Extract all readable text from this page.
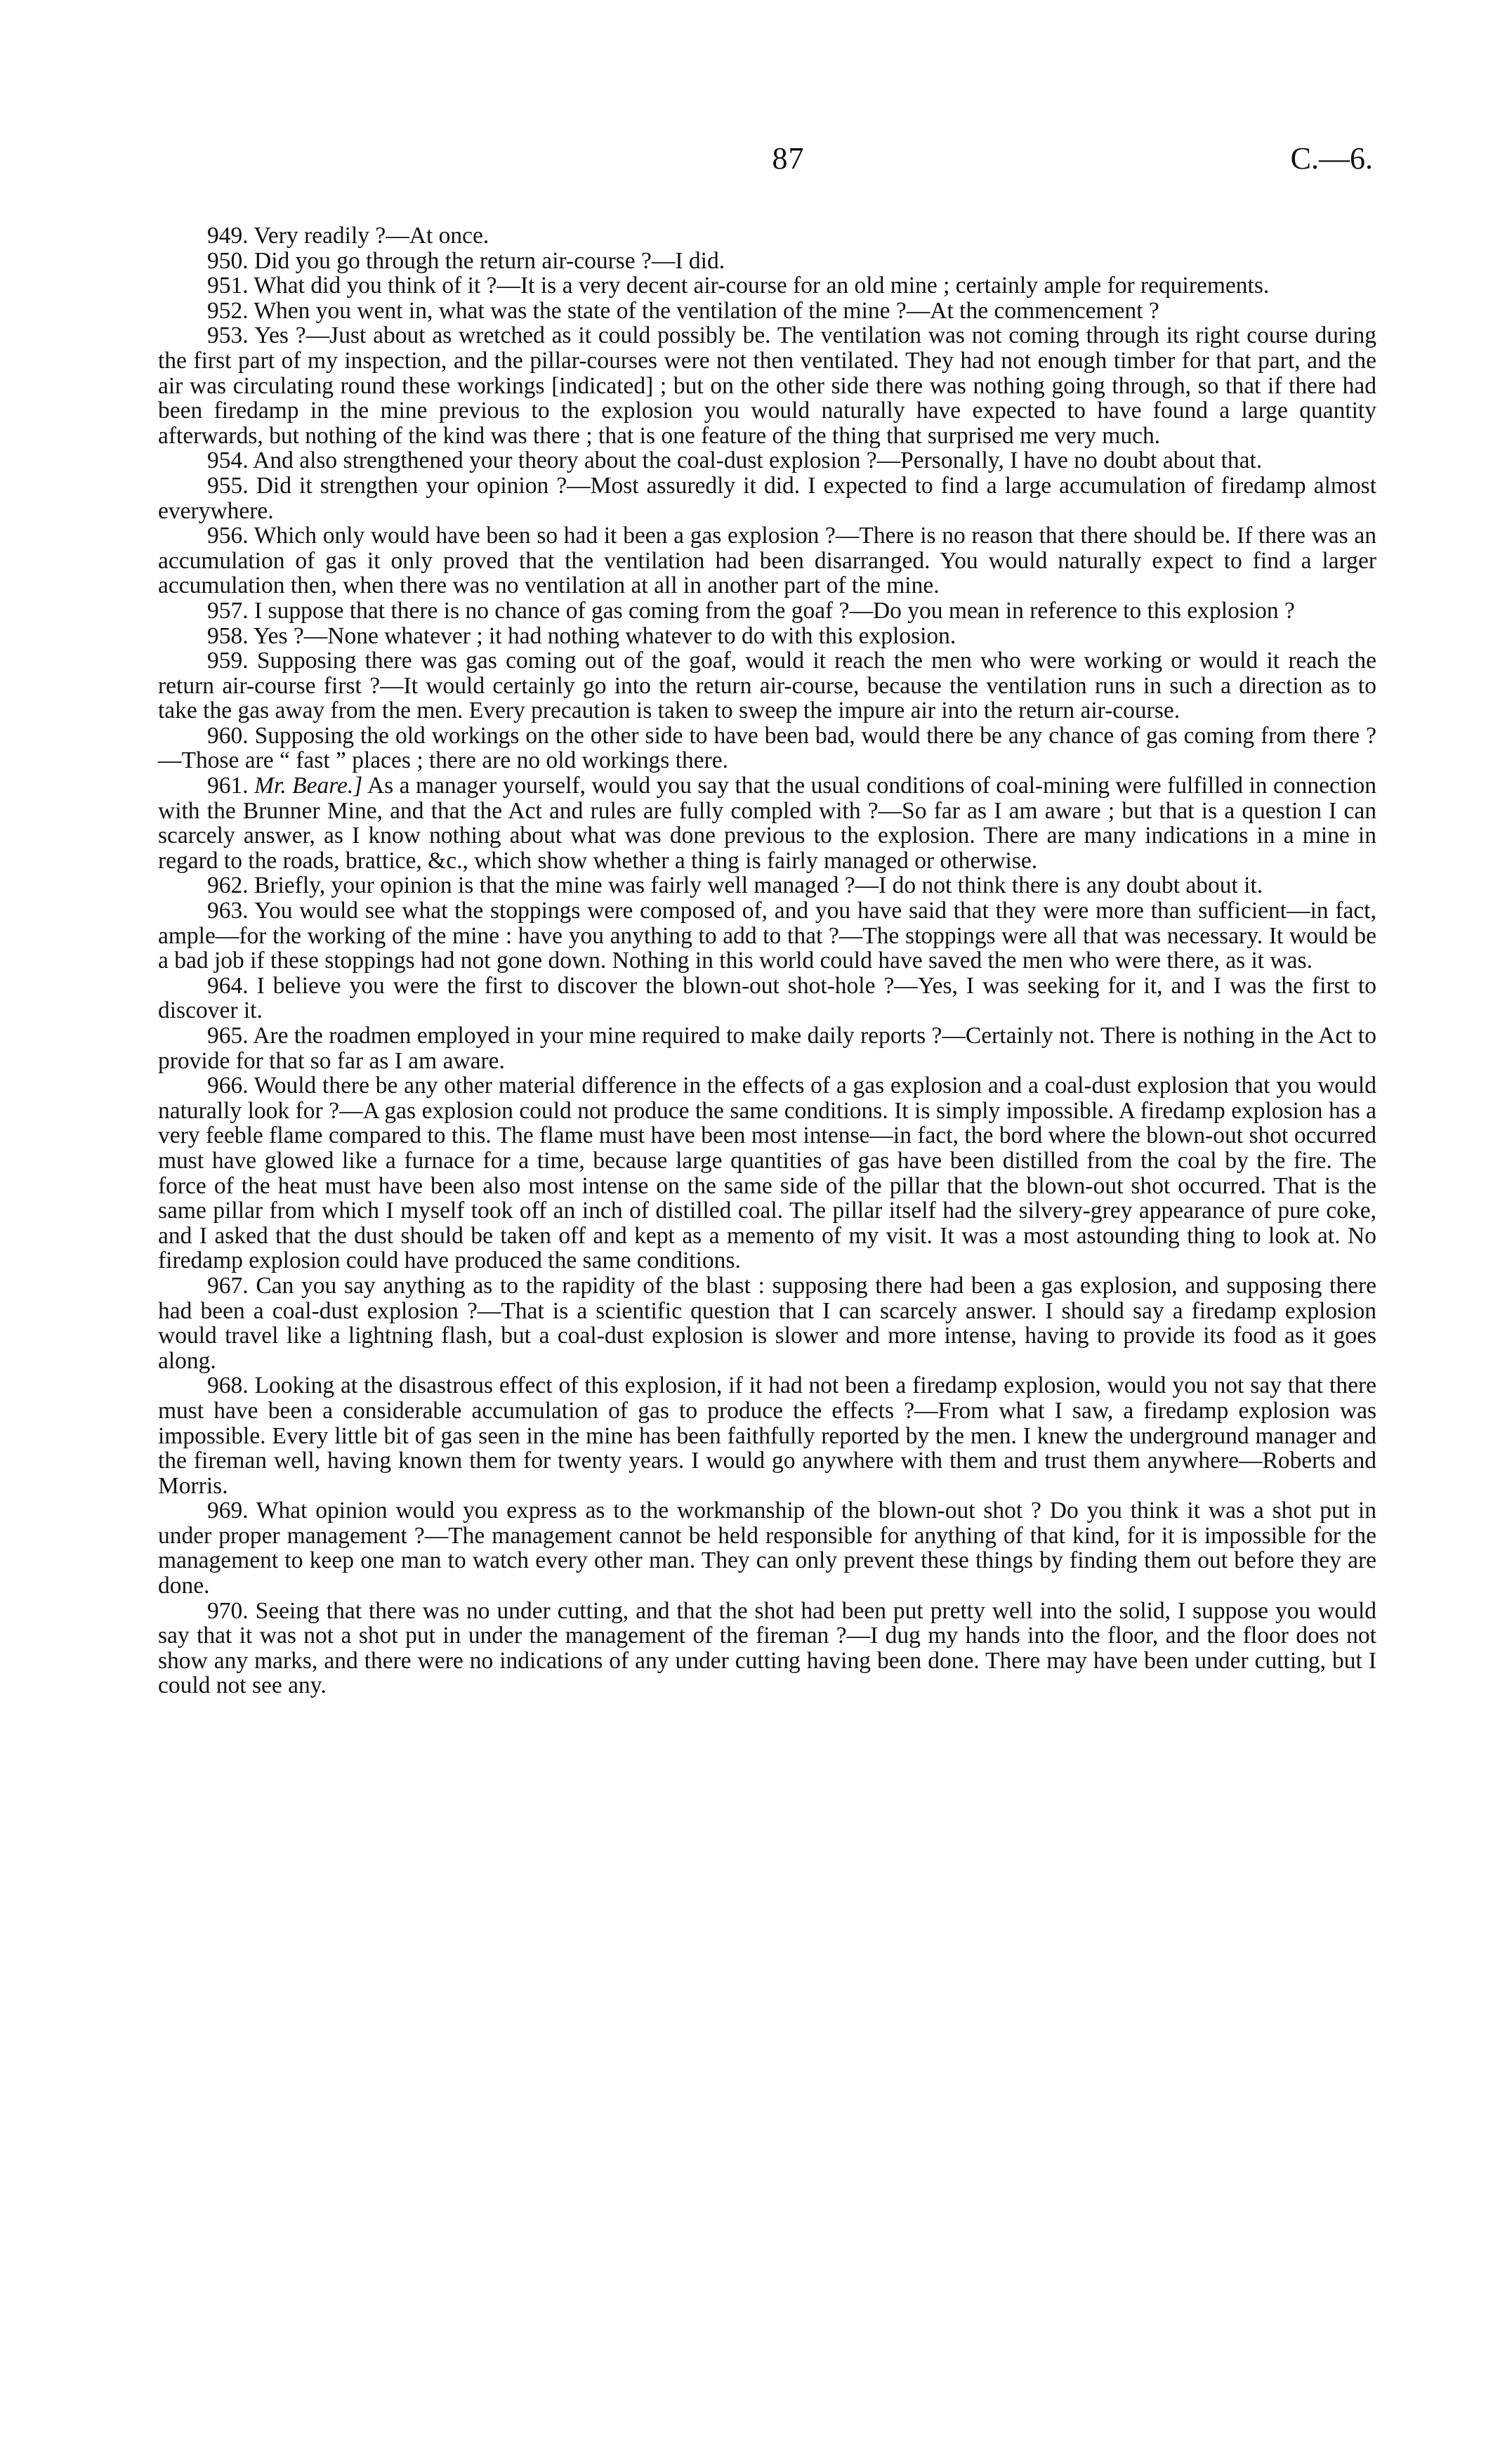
87	C.—6.

949. Very readily ?—At once.

950. Did you go through the return air-course ?—I did.

951. What did you think of it ?—It is a very decent air-course for an old mine ; certainly ample for requirements.

952. When you went in, what was the state of the ventilation of the mine ?—At the commencement ?

953. Yes ?—Just about as wretched as it could possibly be. The ventilation was not coming through its right course during the first part of my inspection, and the pillar-courses were not then ventilated. They had not enough timber for that part, and the air was circulating round these workings [indicated] ; but on the other side there was nothing going through, so that if there had been firedamp in the mine previous to the explosion you would naturally have expected to have found a large quantity afterwards, but nothing of the kind was there ; that is one feature of the thing that surprised me very much.

954. And also strengthened your theory about the coal-dust explosion ?—Personally, I have no doubt about that.

955. Did it strengthen your opinion ?—Most assuredly it did. I expected to find a large accumulation of firedamp almost everywhere.

956. Which only would have been so had it been a gas explosion ?—There is no reason that there should be. If there was an accumulation of gas it only proved that the ventilation had been disarranged. You would naturally expect to find a larger accumulation then, when there was no ventilation at all in another part of the mine.

957. I suppose that there is no chance of gas coming from the goaf ?—Do you mean in reference to this explosion ?

958. Yes ?—None whatever ; it had nothing whatever to do with this explosion.

959. Supposing there was gas coming out of the goaf, would it reach the men who were working or would it reach the return air-course first ?—It would certainly go into the return air-course, because the ventilation runs in such a direction as to take the gas away from the men. Every precaution is taken to sweep the impure air into the return air-course.

960. Supposing the old workings on the other side to have been bad, would there be any chance of gas coming from there ?—Those are “ fast ” places ; there are no old workings there.

961. Mr. Beare.] As a manager yourself, would you say that the usual conditions of coal-mining were fulfilled in connection with the Brunner Mine, and that the Act and rules are fully compled with ?—So far as I am aware ; but that is a question I can scarcely answer, as I know nothing about what was done previous to the explosion. There are many indications in a mine in regard to the roads, brattice, &c., which show whether a thing is fairly managed or otherwise.

962. Briefly, your opinion is that the mine was fairly well managed ?—I do not think there is any doubt about it.

963. You would see what the stoppings were composed of, and you have said that they were more than sufficient—in fact, ample—for the working of the mine : have you anything to add to that ?—The stoppings were all that was necessary. It would be a bad job if these stoppings had not gone down. Nothing in this world could have saved the men who were there, as it was.

964. I believe you were the first to discover the blown-out shot-hole ?—Yes, I was seeking for it, and I was the first to discover it.

965. Are the roadmen employed in your mine required to make daily reports ?—Certainly not. There is nothing in the Act to provide for that so far as I am aware.

966. Would there be any other material difference in the effects of a gas explosion and a coal-dust explosion that you would naturally look for ?—A gas explosion could not produce the same conditions. It is simply impossible. A firedamp explosion has a very feeble flame compared to this. The flame must have been most intense—in fact, the bord where the blown-out shot occurred must have glowed like a furnace for a time, because large quantities of gas have been distilled from the coal by the fire. The force of the heat must have been also most intense on the same side of the pillar that the blown-out shot occurred. That is the same pillar from which I myself took off an inch of distilled coal. The pillar itself had the silvery-grey appearance of pure coke, and I asked that the dust should be taken off and kept as a memento of my visit. It was a most astounding thing to look at. No firedamp explosion could have produced the same conditions.

967. Can you say anything as to the rapidity of the blast : supposing there had been a gas explosion, and supposing there had been a coal-dust explosion ?—That is a scientific question that I can scarcely answer. I should say a firedamp explosion would travel like a lightning flash, but a coal-dust explosion is slower and more intense, having to provide its food as it goes along.

968. Looking at the disastrous effect of this explosion, if it had not been a firedamp explosion, would you not say that there must have been a considerable accumulation of gas to produce the effects ?—From what I saw, a firedamp explosion was impossible. Every little bit of gas seen in the mine has been faithfully reported by the men. I knew the underground manager and the fireman well, having known them for twenty years. I would go anywhere with them and trust them anywhere—Roberts and Morris.

969. What opinion would you express as to the workmanship of the blown-out shot ? Do you think it was a shot put in under proper management ?—The management cannot be held responsible for anything of that kind, for it is impossible for the management to keep one man to watch every other man. They can only prevent these things by finding them out before they are done.

970. Seeing that there was no under cutting, and that the shot had been put pretty well into the solid, I suppose you would say that it was not a shot put in under the management of the fireman ?—I dug my hands into the floor, and the floor does not show any marks, and there were no indications of any under cutting having been done. There may have been under cutting, but I could not see any.
